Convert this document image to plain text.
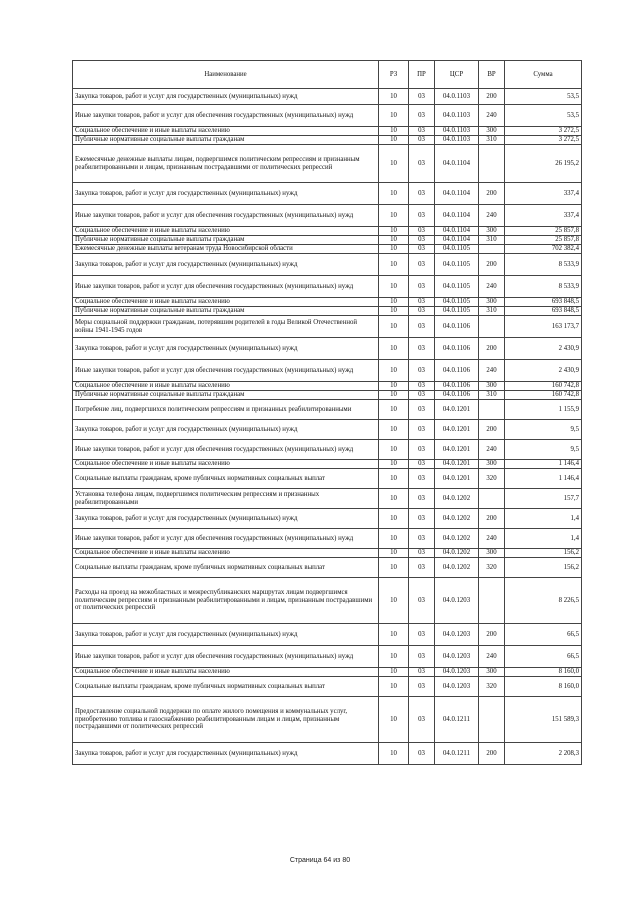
Наименование	РЗ	ПР	ЦСР	ВР	Сумма
Закупка товаров, работ и услуг для государственных (муниципальных) нужд	10	03	04.0.1103	200	53,5
Иные закупки товаров, работ и услуг для обеспечения государственных (муниципальных) нужд	10	03	04.0.1103	240	53,5
Социальное обеспечение и иные выплаты населению	10	03	04.0.1103	300	3 272,5
Публичные нормативные социальные выплаты гражданам	10	03	04.0.1103	310	3 272,5
Ежемесячные денежные выплаты лицам, подвергшимся политическим репрессиям и признанным реабилитированными и лицам, признанным пострадавшими от политических репрессий	10	03	04.0.1104		26 195,2
Закупка товаров, работ и услуг для государственных (муниципальных) нужд	10	03	04.0.1104	200	337,4
Иные закупки товаров, работ и услуг для обеспечения государственных (муниципальных) нужд	10	03	04.0.1104	240	337,4
Социальное обеспечение и иные выплаты населению	10	03	04.0.1104	300	25 857,8
Публичные нормативные социальные выплаты гражданам	10	03	04.0.1104	310	25 857,8
Ежемесячные денежные выплаты ветеранам труда Новосибирской области	10	03	04.0.1105		702 382,4
Закупка товаров, работ и услуг для государственных (муниципальных) нужд	10	03	04.0.1105	200	8 533,9
Иные закупки товаров, работ и услуг для обеспечения государственных (муниципальных) нужд	10	03	04.0.1105	240	8 533,9
Социальное обеспечение и иные выплаты населению	10	03	04.0.1105	300	693 848,5
Публичные нормативные социальные выплаты гражданам	10	03	04.0.1105	310	693 848,5
Меры социальной поддержки гражданам, потерявшим родителей в годы Великой Отечественной войны 1941-1945 годов	10	03	04.0.1106		163 173,7
Закупка товаров, работ и услуг для государственных (муниципальных) нужд	10	03	04.0.1106	200	2 430,9
Иные закупки товаров, работ и услуг для обеспечения государственных (муниципальных) нужд	10	03	04.0.1106	240	2 430,9
Социальное обеспечение и иные выплаты населению	10	03	04.0.1106	300	160 742,8
Публичные нормативные социальные выплаты гражданам	10	03	04.0.1106	310	160 742,8
Погребение лиц, подвергшихся политическим репрессиям и признанных реабилитированными	10	03	04.0.1201		1 155,9
Закупка товаров, работ и услуг для государственных (муниципальных) нужд	10	03	04.0.1201	200	9,5
Иные закупки товаров, работ и услуг для обеспечения государственных (муниципальных) нужд	10	03	04.0.1201	240	9,5
Социальное обеспечение и иные выплаты населению	10	03	04.0.1201	300	1 146,4
Социальные выплаты гражданам, кроме публичных нормативных социальных выплат	10	03	04.0.1201	320	1 146,4
Установка телефона лицам, подвергшимся политическим репрессиям и признанных реабилитированными	10	03	04.0.1202		157,7
Закупка товаров, работ и услуг для государственных (муниципальных) нужд	10	03	04.0.1202	200	1,4
Иные закупки товаров, работ и услуг для обеспечения государственных (муниципальных) нужд	10	03	04.0.1202	240	1,4
Социальное обеспечение и иные выплаты населению	10	03	04.0.1202	300	156,2
Социальные выплаты гражданам, кроме публичных нормативных социальных выплат	10	03	04.0.1202	320	156,2
Расходы на проезд на межобластных и межреспубликанских маршрутах лицам подвергшимся политическим репрессиям и признанным реабилитированными и лицам, признанным пострадавшими от политических репрессий	10	03	04.0.1203		8 226,5
Закупка товаров, работ и услуг для государственных (муниципальных) нужд	10	03	04.0.1203	200	66,5
Иные закупки товаров, работ и услуг для обеспечения государственных (муниципальных) нужд	10	03	04.0.1203	240	66,5
Социальное обеспечение и иные выплаты населению	10	03	04.0.1203	300	8 160,0
Социальные выплаты гражданам, кроме публичных нормативных социальных выплат	10	03	04.0.1203	320	8 160,0
Предоставление социальной поддержки по оплате жилого помещения и коммунальных услуг, приобретению топлива и газоснабжению реабилитированным лицам и лицам, признанным пострадавшими от политических репрессий	10	03	04.0.1211		151 589,3
Закупка товаров, работ и услуг для государственных (муниципальных) нужд	10	03	04.0.1211	200	2 208,3
Страница 64 из 80
